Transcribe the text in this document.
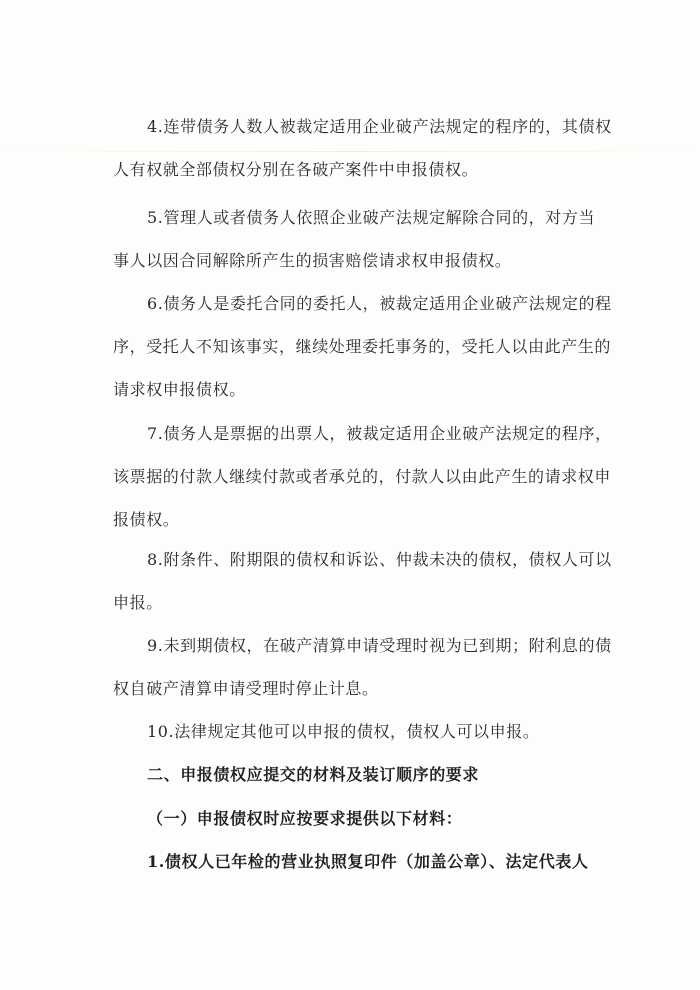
4.连带债务人数人被裁定适用企业破产法规定的程序的，其债权
人有权就全部债权分别在各破产案件中申报债权。

5.管理人或者债务人依照企业破产法规定解除合同的，对方当
事人以因合同解除所产生的损害赔偿请求权申报债权。

6.债务人是委托合同的委托人，被裁定适用企业破产法规定的程
序，受托人不知该事实，继续处理委托事务的，受托人以由此产生的
请求权申报债权。

7.债务人是票据的出票人，被裁定适用企业破产法规定的程序，
该票据的付款人继续付款或者承兑的，付款人以由此产生的请求权申
报债权。

8.附条件、附期限的债权和诉讼、仲裁未决的债权，债权人可以
申报。

9.未到期债权，在破产清算申请受理时视为已到期；附利息的债
权自破产清算申请受理时停止计息。

10.法律规定其他可以申报的债权，债权人可以申报。

二、申报债权应提交的材料及装订顺序的要求

（一）申报债权时应按要求提供以下材料：

1.债权人已年检的营业执照复印件（加盖公章）、法定代表人
